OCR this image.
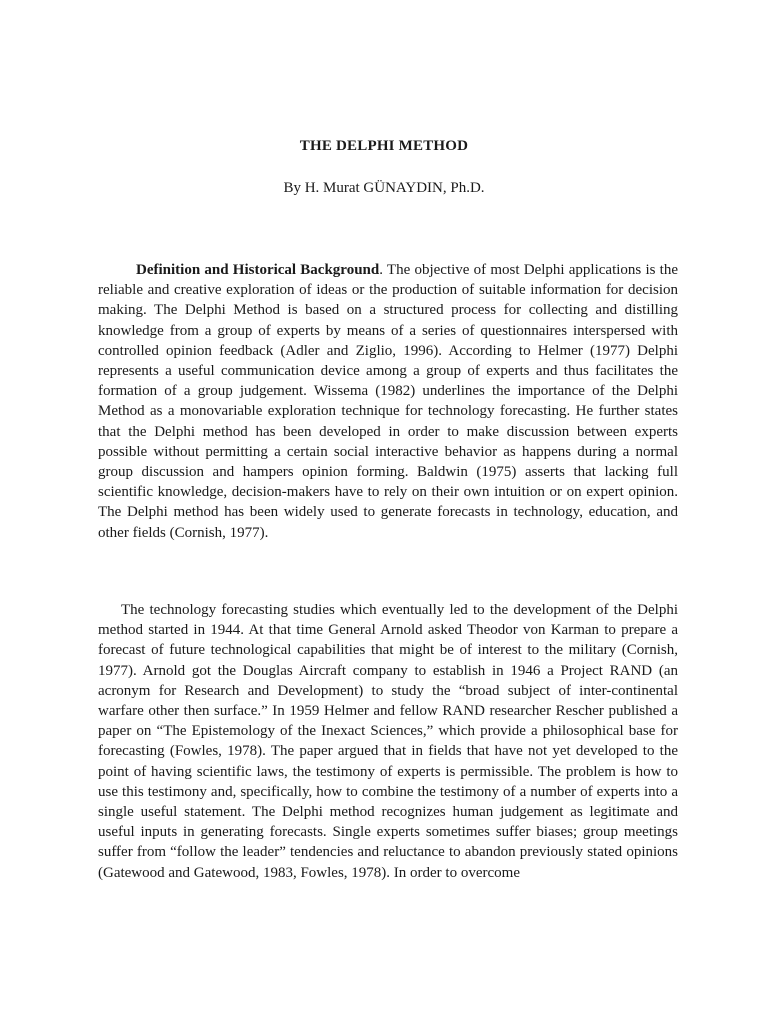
THE DELPHI METHOD
By H. Murat GÜNAYDIN, Ph.D.
Definition and Historical Background. The objective of most Delphi applications is the reliable and creative exploration of ideas or the production of suitable information for decision making. The Delphi Method is based on a structured process for collecting and distilling knowledge from a group of experts by means of a series of questionnaires interspersed with controlled opinion feedback (Adler and Ziglio, 1996). According to Helmer (1977) Delphi represents a useful communication device among a group of experts and thus facilitates the formation of a group judgement. Wissema (1982) underlines the importance of the Delphi Method as a monovariable exploration technique for technology forecasting. He further states that the Delphi method has been developed in order to make discussion between experts possible without permitting a certain social interactive behavior as happens during a normal group discussion and hampers opinion forming. Baldwin (1975) asserts that lacking full scientific knowledge, decision-makers have to rely on their own intuition or on expert opinion. The Delphi method has been widely used to generate forecasts in technology, education, and other fields (Cornish, 1977).
The technology forecasting studies which eventually led to the development of the Delphi method started in 1944. At that time General Arnold asked Theodor von Karman to prepare a forecast of future technological capabilities that might be of interest to the military (Cornish, 1977). Arnold got the Douglas Aircraft company to establish in 1946 a Project RAND (an acronym for Research and Development) to study the “broad subject of inter-continental warfare other then surface.” In 1959 Helmer and fellow RAND researcher Rescher published a paper on “The Epistemology of the Inexact Sciences,” which provide a philosophical base for forecasting (Fowles, 1978). The paper argued that in fields that have not yet developed to the point of having scientific laws, the testimony of experts is permissible. The problem is how to use this testimony and, specifically, how to combine the testimony of a number of experts into a single useful statement. The Delphi method recognizes human judgement as legitimate and useful inputs in generating forecasts. Single experts sometimes suffer biases; group meetings suffer from “follow the leader” tendencies and reluctance to abandon previously stated opinions (Gatewood and Gatewood, 1983, Fowles, 1978). In order to overcome
